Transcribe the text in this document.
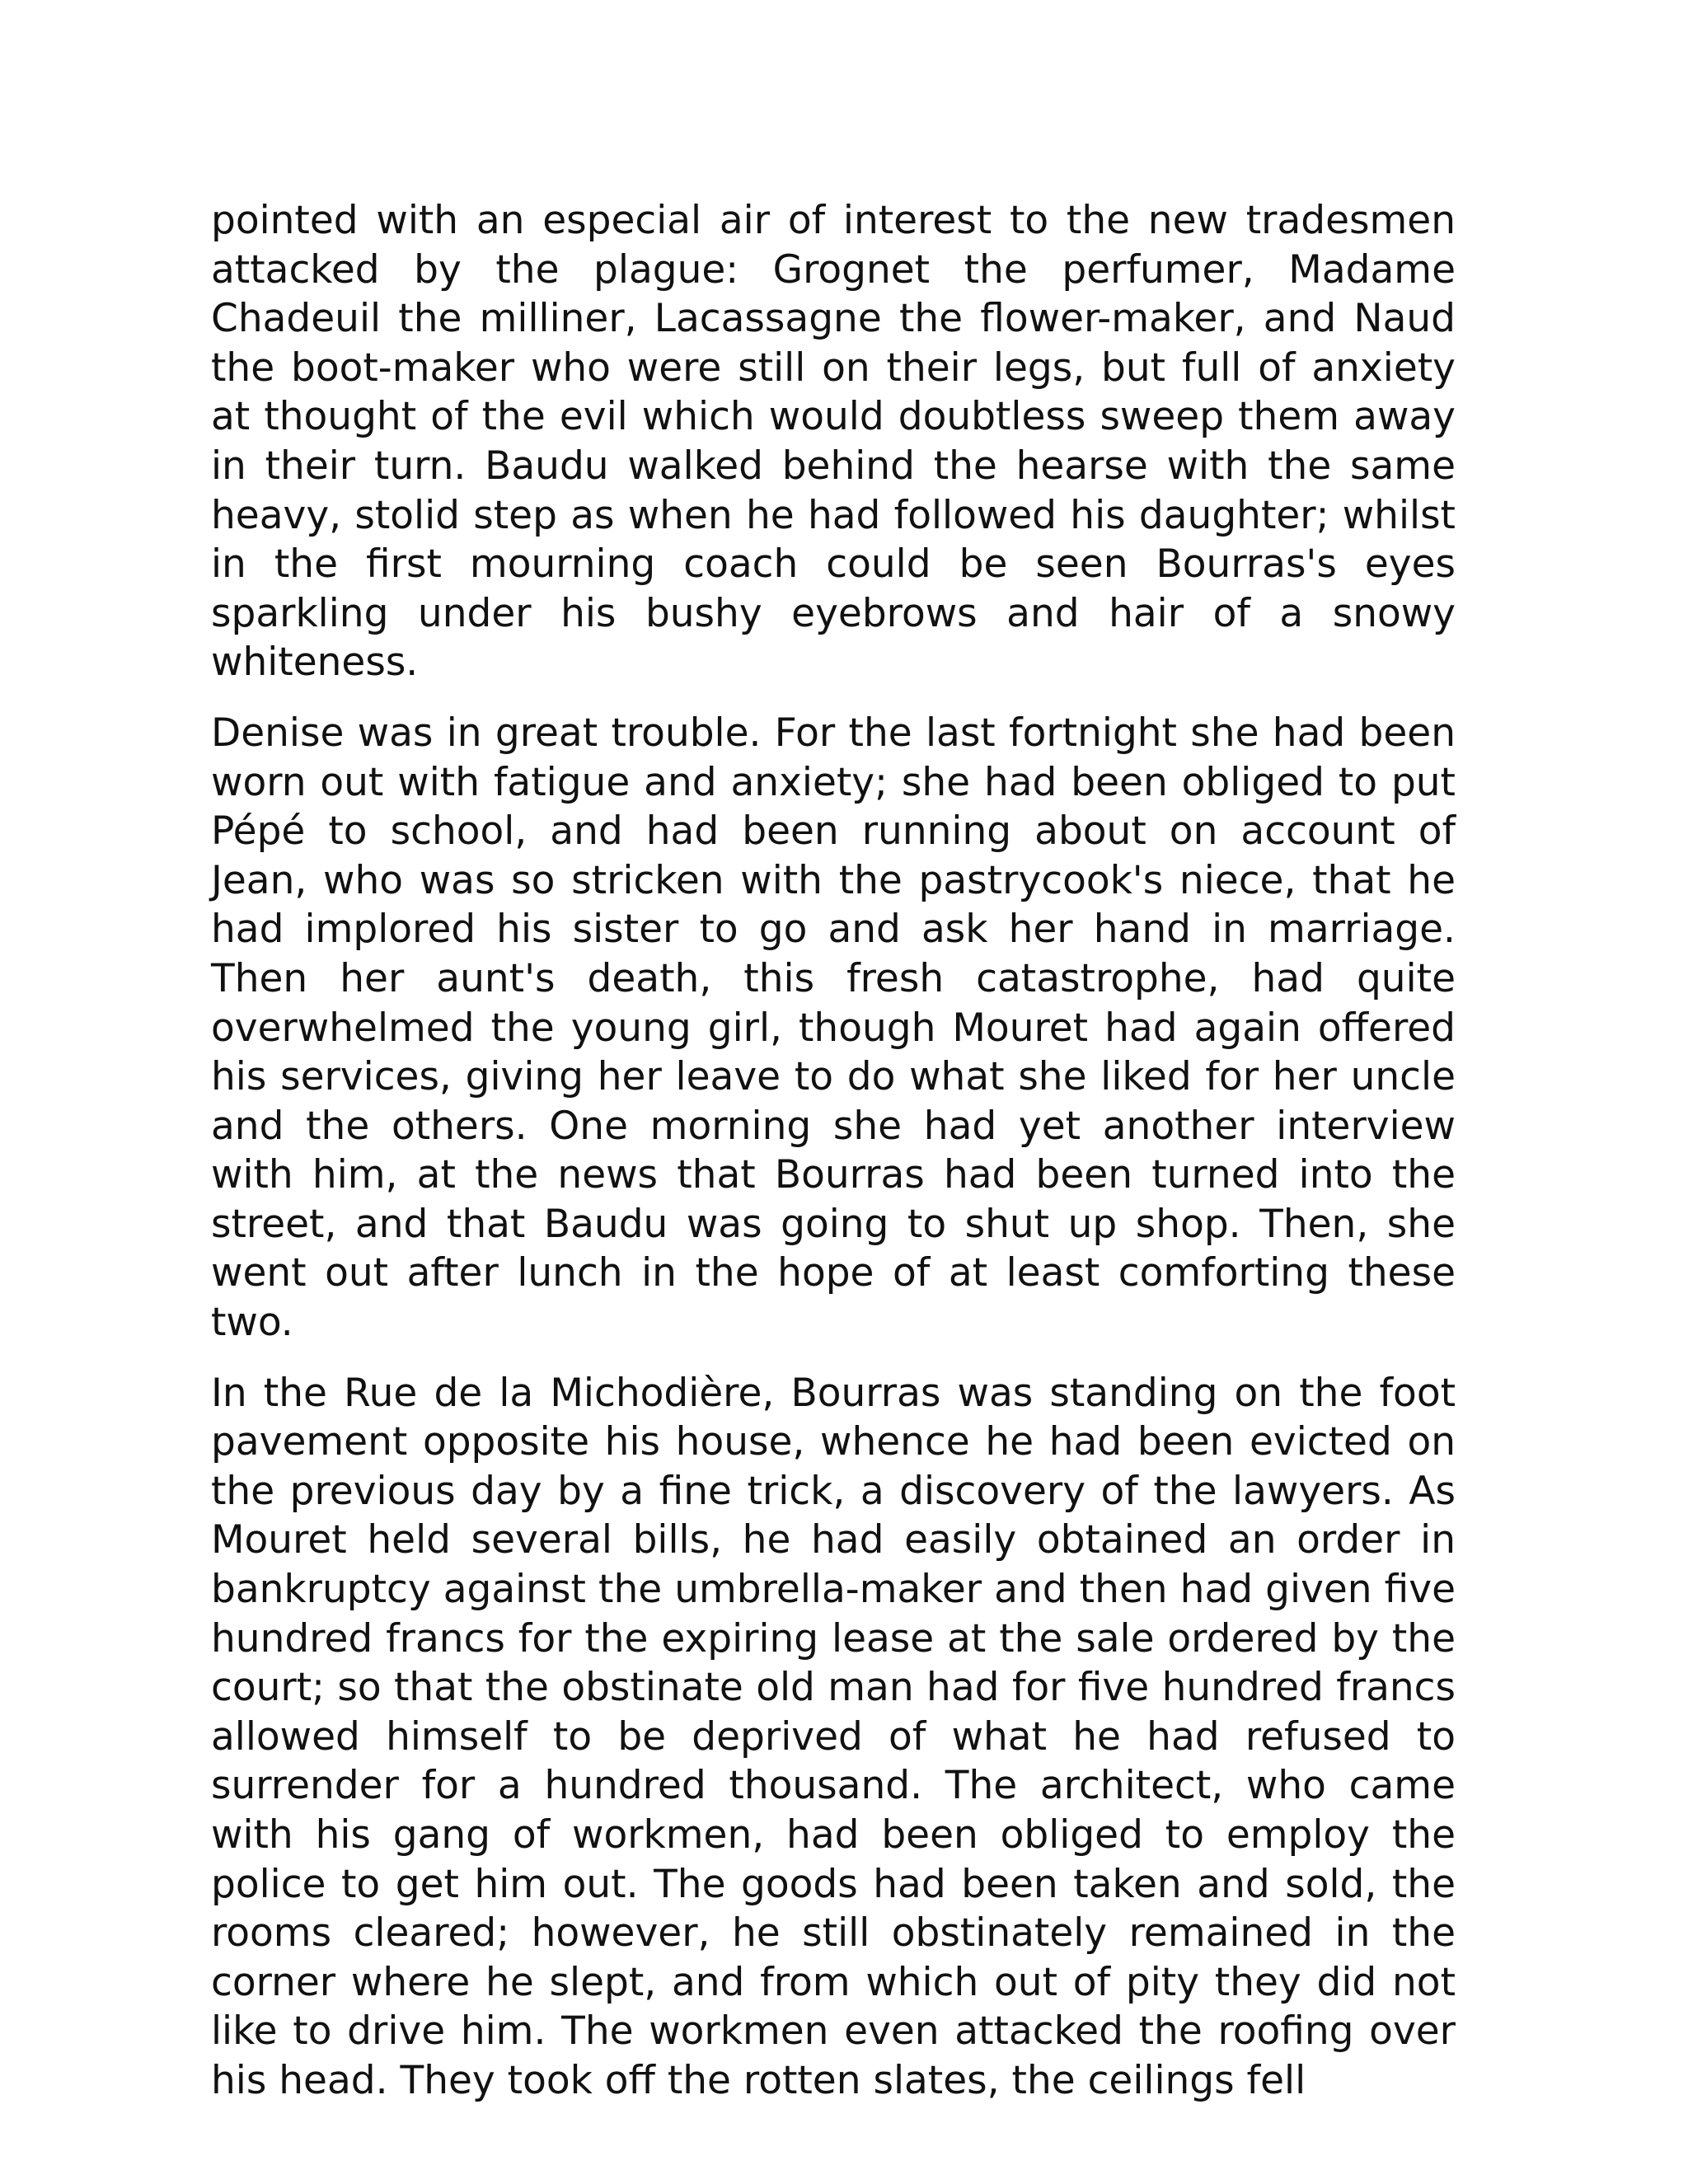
pointed with an especial air of interest to the new tradesmen attacked by the plague: Grognet the perfumer, Madame Chadeuil the milliner, Lacassagne the flower-maker, and Naud the boot-maker who were still on their legs, but full of anxiety at thought of the evil which would doubtless sweep them away in their turn. Baudu walked behind the hearse with the same heavy, stolid step as when he had followed his daughter; whilst in the first mourning coach could be seen Bourras's eyes sparkling under his bushy eyebrows and hair of a snowy whiteness.

Denise was in great trouble. For the last fortnight she had been worn out with fatigue and anxiety; she had been obliged to put Pépé to school, and had been running about on account of Jean, who was so stricken with the pastrycook's niece, that he had implored his sister to go and ask her hand in marriage. Then her aunt's death, this fresh catastrophe, had quite overwhelmed the young girl, though Mouret had again offered his services, giving her leave to do what she liked for her uncle and the others. One morning she had yet another interview with him, at the news that Bourras had been turned into the street, and that Baudu was going to shut up shop. Then, she went out after lunch in the hope of at least comforting these two.

In the Rue de la Michodière, Bourras was standing on the foot pavement opposite his house, whence he had been evicted on the previous day by a fine trick, a discovery of the lawyers. As Mouret held several bills, he had easily obtained an order in bankruptcy against the umbrella-maker and then had given five hundred francs for the expiring lease at the sale ordered by the court; so that the obstinate old man had for five hundred francs allowed himself to be deprived of what he had refused to surrender for a hundred thousand. The architect, who came with his gang of workmen, had been obliged to employ the police to get him out. The goods had been taken and sold, the rooms cleared; however, he still obstinately remained in the corner where he slept, and from which out of pity they did not like to drive him. The workmen even attacked the roofing over his head. They took off the rotten slates, the ceilings fell
